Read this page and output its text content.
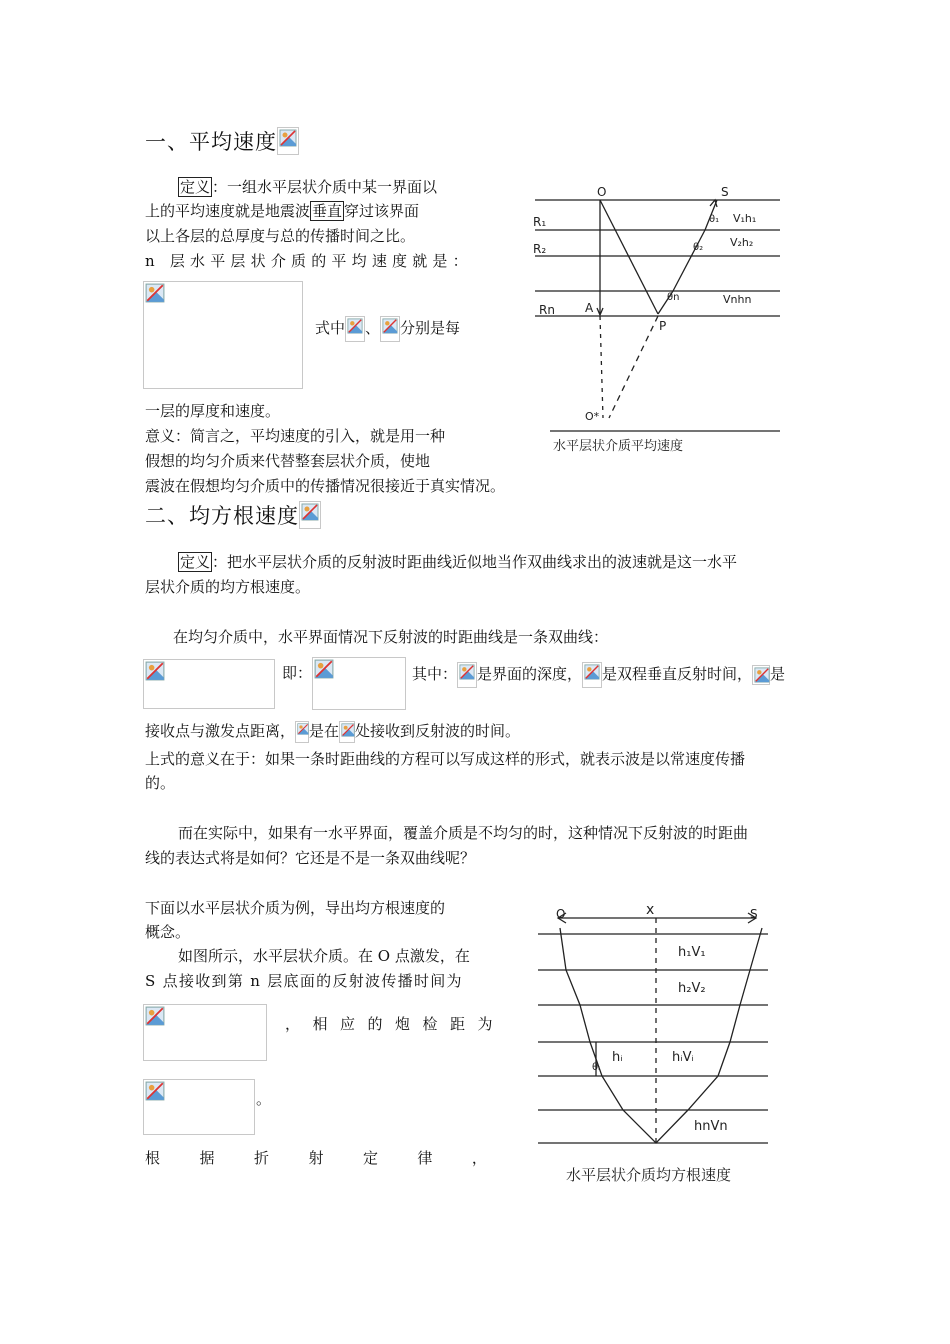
一、平均速度
定义 ：一组水平层状介质中某一界面以
上的平均速度就是地震波 垂直 穿过该界面
以上各层的总厚度与总的传播时间之比。
n 层水平层状介质的平均速度就是：
式中 、 分别是每
一层的厚度和速度。
意义：简言之，平均速度的引入，就是用一种
假想的均匀介质来代替整套层状介质，使地
震波在假想均匀介质中的传播情况很接近于真实情况。
O	S
R₁
R₂
Rn	A
P
θ₁
θ₂
θn
V₁h₁
V₂h₂
Vnhn
O*
水平层状介质平均速度
二、均方根速度
定义 ：把水平层状介质的反射波时距曲线近似地当作双曲线求出的波速就是这一水平
层状介质的均方根速度。
在均匀介质中，水平界面情况下反射波的时距曲线是一条双曲线：
即：	其中： 是界面的深度， 是双程垂直反射时间， 是
接收点与激发点距离， 是在 处接收到反射波的时间。
上式的意义在于：如果一条时距曲线的方程可以写成这样的形式，就表示波是以常速度传播
的。
而在实际中，如果有一水平界面，覆盖介质是不均匀的时，这种情况下反射波的时距曲
线的表达式将是如何？它还是不是一条双曲线呢？
下面以水平层状介质为例，导出均方根速度的
概念。
如图所示，水平层状介质。在 O 点激发，在
S 点接收到第 n 层底面的反射波传播时间为
，相应的炮检距为
。
根	据	折	射	定	律	，
O	x	S
h₁V₁
h₂V₂
hᵢ	hᵢVᵢ
θᵢ
hnVn
水平层状介质均方根速度
